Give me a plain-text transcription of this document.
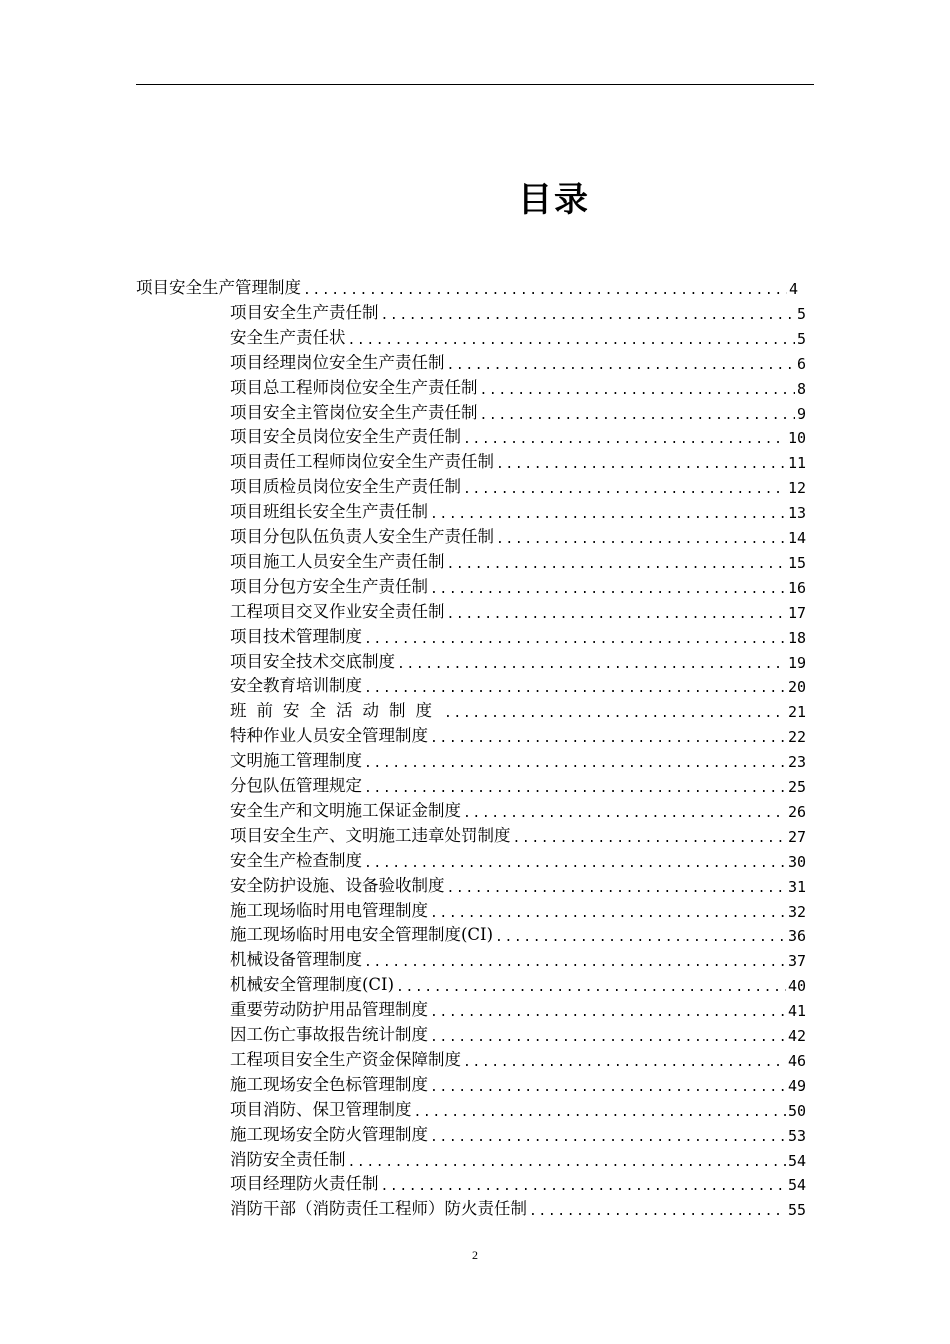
目录
项目安全生产管理制度 .....	4
项目安全生产责任制 .....	5
安全生产责任状 .....	5
项目经理岗位安全生产责任制 .....	6
项目总工程师岗位安全生产责任制 .....	8
项目安全主管岗位安全生产责任制 .....	9
项目安全员岗位安全生产责任制 .....	10
项目责任工程师岗位安全生产责任制 .....	11
项目质检员岗位安全生产责任制 .....	12
项目班组长安全生产责任制 .....	13
项目分包队伍负责人安全生产责任制 .....	14
项目施工人员安全生产责任制 .....	15
项目分包方安全生产责任制 .....	16
工程项目交叉作业安全责任制 .....	17
项目技术管理制度 .....	18
项目安全技术交底制度 .....	19
安全教育培训制度 .....	20
班前安全活动制度 .....	21
特种作业人员安全管理制度 .....	22
文明施工管理制度 .....	23
分包队伍管理规定 .....	25
安全生产和文明施工保证金制度 .....	26
项目安全生产、文明施工违章处罚制度 .....	27
安全生产检查制度 .....	30
安全防护设施、设备验收制度 .....	31
施工现场临时用电管理制度 .....	32
施工现场临时用电安全管理制度(CI) .....	36
机械设备管理制度 .....	37
机械安全管理制度(CI) .....	40
重要劳动防护用品管理制度 .....	41
因工伤亡事故报告统计制度 .....	42
工程项目安全生产资金保障制度 .....	46
施工现场安全色标管理制度 .....	49
项目消防、保卫管理制度 .....	50
施工现场安全防火管理制度 .....	53
消防安全责任制 .....	54
项目经理防火责任制 .....	54
消防干部（消防责任工程师）防火责任制 .....	55
2
